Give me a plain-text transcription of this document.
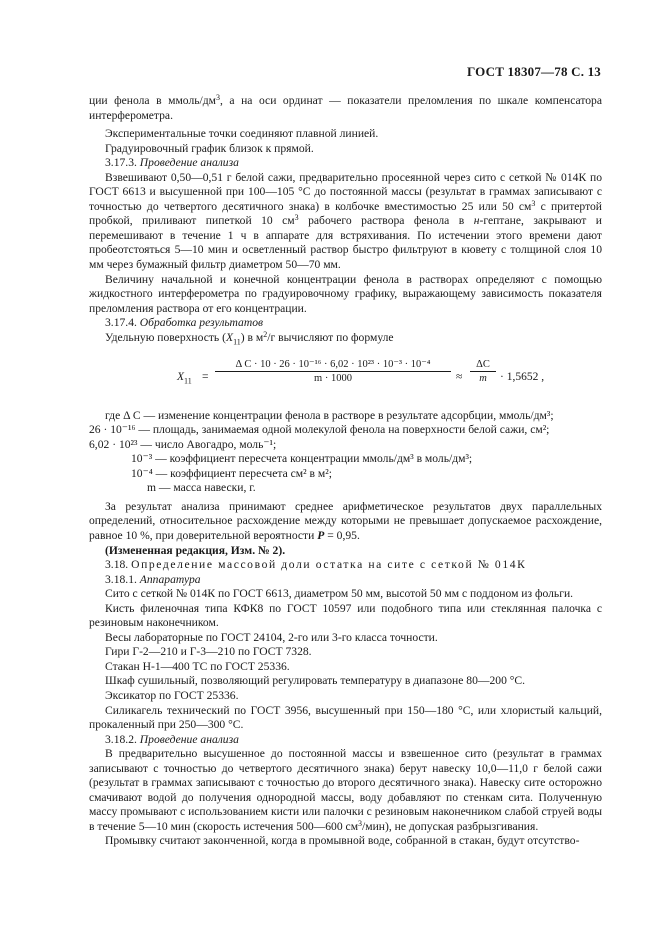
ГОСТ 18307—78 С. 13

ции фенола в ммоль/$дм^3$, а на оси ординат — показатели преломления по шкале компенсатора интерферометра.

Экспериментальные точки соединяют плавной линией.

Градуировочный график близок к прямой.

3.17.3. Проведение анализа

Взвешивают 0,50—0,51 г белой сажи, предварительно просеянной через сито с сеткой № 014К по ГОСТ 6613 и высушенной при 100—105 °С до постоянной массы (результат в граммах записывают с точностью до четвертого десятичного знака) в колбочке вместимостью 25 или 50 $см^3$ с притертой пробкой, приливают пипеткой 10 $см^3$ рабочего раствора фенола в н-гептане, закрывают и перемешивают в течение 1 ч в аппарате для встряхивания. По истечении этого времени дают пробеотстояться 5—10 мин и осветленный раствор быстро фильтруют в кювету с толщиной слоя 10 мм через бумажный фильтр диаметром 50—70 мм.

Величину начальной и конечной концентрации фенола в растворах определяют с помощью жидкостного интерферометра по градуировочному графику, выражающему зависимость показателя преломления раствора от его концентрации.

3.17.4. Обработка результатов

Удельную поверхность $(X_{11})$ в $м^2/г$ вычисляют по формуле

$X_{11} = \frac{\text{Δ C · 10 · 26 · 10⁻¹⁶ · 6,02 · 10²³ · 10⁻³ · 10⁻⁴}}{m \cdot 1000} \approx \frac{\Delta C}{m} \cdot 1,5652$ ,

где Δ C — изменение концентрации фенола в растворе в результате адсорбции, ммоль/дм³;

26 · 10⁻¹⁶ — площадь, занимаемая одной молекулой фенола на поверхности белой сажи, см²;

6,02 · 10²³ — число Авогадро, моль⁻¹;

10⁻³ — коэффициент пересчета концентрации ммоль/дм³ в моль/дм³;

10⁻⁴ — коэффициент пересчета см² в м²;

m — масса навески, г.

За результат анализа принимают среднее арифметическое результатов двух параллельных определений, относительное расхождение между которыми не превышает допускаемое расхождение, равное 10 %, при доверительной вероятности P = 0,95.

(Измененная редакция, Изм. № 2).

3.18. Определение массовой доли остатка на сите с сеткой № 014К

3.18.1. Аппаратура

Сито с сеткой № 014К по ГОСТ 6613, диаметром 50 мм, высотой 50 мм с поддоном из фольги.

Кисть филеночная типа КФК8 по ГОСТ 10597 или подобного типа или стеклянная палочка с резиновым наконечником.

Весы лабораторные по ГОСТ 24104, 2-го или 3-го класса точности.

Гири Г-2—210 и Г-3—210 по ГОСТ 7328.

Стакан Н-1—400 ТС по ГОСТ 25336.

Шкаф сушильный, позволяющий регулировать температуру в диапазоне 80—200 °С.

Эксикатор по ГОСТ 25336.

Силикагель технический по ГОСТ 3956, высушенный при 150—180 °С, или хлористый кальций, прокаленный при 250—300 °С.

3.18.2. Проведение анализа

В предварительно высушенное до постоянной массы и взвешенное сито (результат в граммах записывают с точностью до четвертого десятичного знака) берут навеску 10,0—11,0 г белой сажи (результат в граммах записывают с точностью до второго десятичного знака). Навеску сите осторожно смачивают водой до получения однородной массы, воду добавляют по стенкам сита. Полученную массу промывают с использованием кисти или палочки с резиновым наконечником слабой струей воды в течение 5—10 мин (скорость истечения 500—600 $см^3/мин$), не допуская разбрызгивания.

Промывку считают законченной, когда в промывной воде, собранной в стакан, будут отсутство-
